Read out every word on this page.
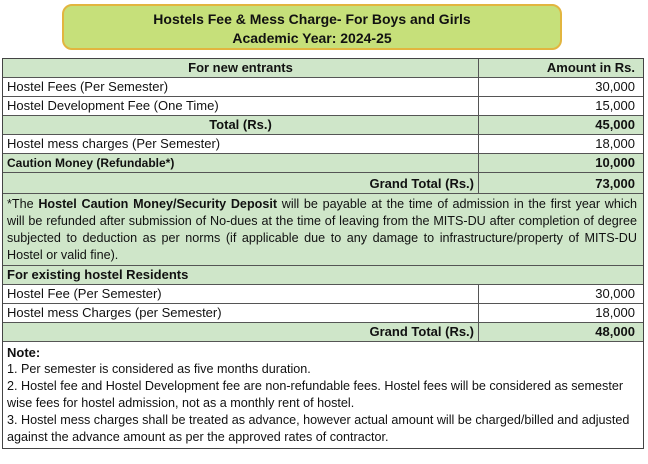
Hostels Fee & Mess Charge- For Boys and Girls
Academic Year: 2024-25
For new entrants	Amount in Rs.
Hostel Fees (Per Semester)	30,000
Hostel Development Fee (One Time)	15,000
Total (Rs.)	45,000
Hostel mess charges (Per Semester)	18,000
Caution Money (Refundable*)	10,000
Grand Total (Rs.)	73,000
*The Hostel Caution Money/Security Deposit will be payable at the time of admission in the first year which will be refunded after submission of No-dues at the time of leaving from the MITS-DU after completion of degree subjected to deduction as per norms (if applicable due to any damage to infrastructure/property of MITS-DU Hostel or valid fine).
For existing hostel Residents
Hostel Fee (Per Semester)	30,000
Hostel mess Charges (per Semester)	18,000
Grand Total (Rs.)	48,000
Note:
1. Per semester is considered as five months duration.
2. Hostel fee and Hostel Development fee are non-refundable fees. Hostel fees will be considered as semester wise fees for hostel admission, not as a monthly rent of hostel.
3. Hostel mess charges shall be treated as advance, however actual amount will be charged/billed and adjusted against the advance amount as per the approved rates of contractor.
